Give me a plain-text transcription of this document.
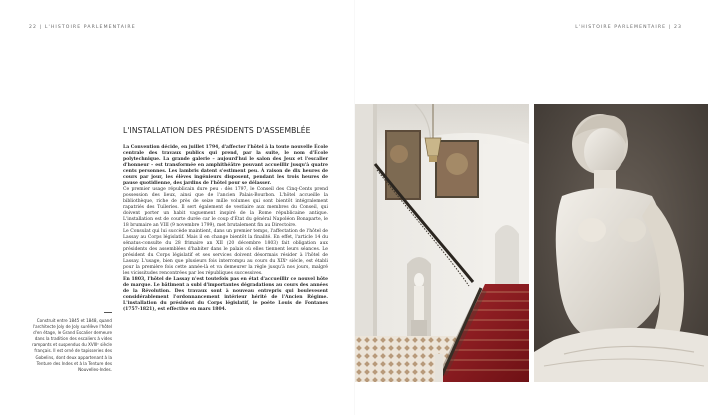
22 | L'HISTOIRE PARLEMENTAIRE	L'HISTOIRE PARLEMENTAIRE | 23
Construit entre 1845 et 1848, quand l'architecte Joly de Joly surélève l'hôtel d'en étage, le Grand Escalier demeure dans la tradition des escaliers à vides rampants et suspendus du XVIIIᵉ siècle français. Il est orné de tapisseries des Gobelins, dont deux appartenant à la Tenture des Indes et à la Tenture des Nouvelles-Indes.
L'INSTALLATION DES PRÉSIDENTS D'ASSEMBLÉE

La Convention décide, en juillet 1794, d'affecter l'hôtel à la toute nouvelle École centrale des travaux publics qui prend, par la suite, le nom d'École polytechnique. La grande galerie – aujourd'hui le salon des Jeux et l'escalier d'honneur – est transformée en amphithéâtre pouvant accueillir jusqu'à quatre cents personnes. Les lambris datent s'estiment peu. À raison de dix heures de cours par jour, les élèves ingénieurs disposent, pendant les trois heures de pause quotidienne, des jardins de l'hôtel pour se délasser.

Ce premier usage républicain dure peu : dès 1797, le Conseil des Cinq-Cents prend possession des lieux, ainsi que de l'ancien Palais-Bourbon. L'hôtel accueille la bibliothèque, riche de près de seize mille volumes qui sont bientôt intégralement rapatriés des Tuileries. Il sert également de vestiaire aux membres du Conseil, qui doivent porter un habit vaguement inspiré de la Rome républicaine antique. L'installation est de courte durée car le coup d'État du général Napoléon Bonaparte, le 18 brumaire an VIII (9 novembre 1799), met brutalement fin au Directoire.

Le Consulat qui lui succède maintient, dans un premier temps, l'affectation de l'hôtel de Lassay au Corps législatif. Mais il en change bientôt la finalité. En effet, l'article 14 du sénatus-consulte du 28 frimaire an XII (20 décembre 1803) fait obligation aux présidents des assemblées d'habiter dans le palais où elles tiennent leurs séances. Le président du Corps législatif et ses services doivent désormais résider à l'hôtel de Lassay. L'usage, bien que plusieurs fois interrompu au cours du XIXᵉ siècle, est établi pour la première fois cette année-là et va demeurer la règle jusqu'à nos jours, malgré les vicissitudes rencontrées par les républiques successives.

En 1803, l'hôtel de Lassay n'est toutefois pas en état d'accueillir ce nouvel hôte de marque. Le bâtiment a subi d'importantes dégradations au cours des années de la Révolution. Des travaux sont à nouveau entrepris qui boulevesent considérablement l'ordonnancement intérieur hérité de l'Ancien Régime. L'installation du président du Corps législatif, le poète Louis de Fontanes (1757-1821), est effective en mars 1804.
